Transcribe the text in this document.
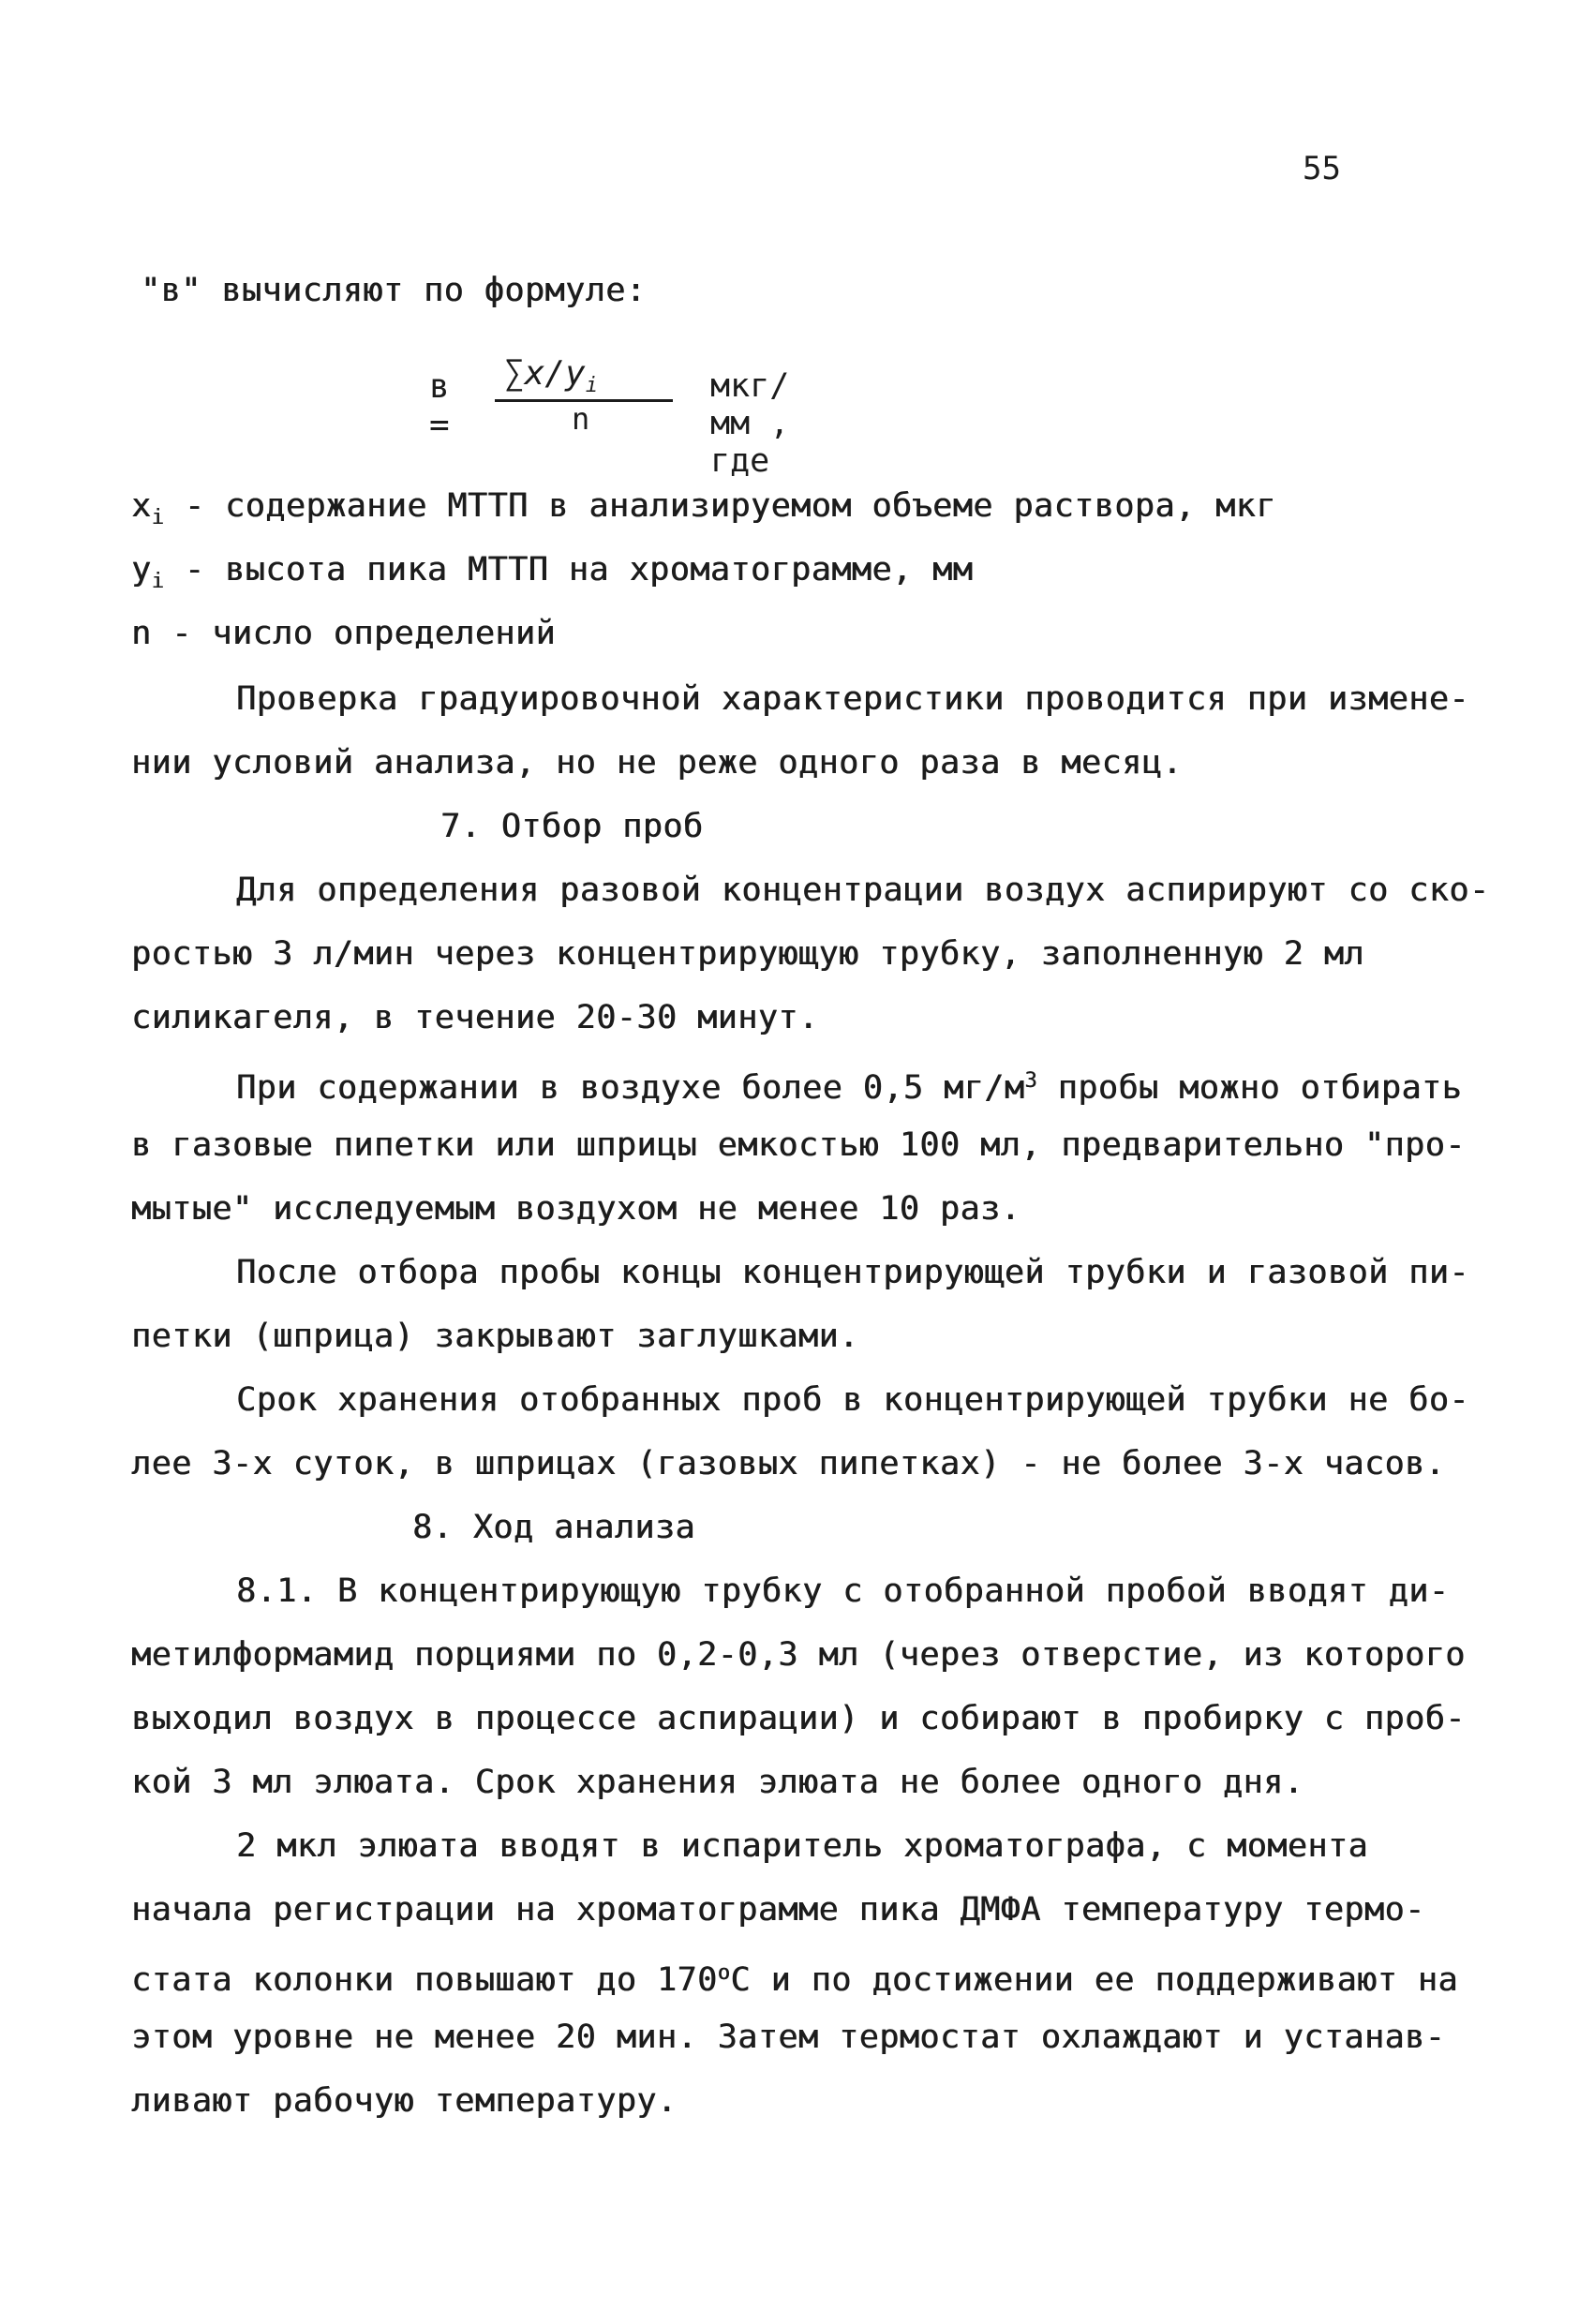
55
"в" вычисляют по формуле:
в =
$\sum x/y_i$
n
мкг/мм , где
$x_i$ - содержание МТТП в анализируемом объеме раствора, мкг
$y_i$ - высота пика МТТП на хроматограмме, мм
n - число определений
Проверка градуировочной характеристики проводится при измене-
нии условий анализа, но не реже одного раза в месяц.
7. Отбор проб
Для определения разовой концентрации воздух аспирируют со ско-
ростью 3 л/мин через концентрирующую трубку, заполненную 2 мл
силикагеля, в течение 20-30 минут.
При содержании в воздухе более 0,5 $мг/м^3$ пробы можно отбирать
в газовые пипетки или шприцы емкостью 100 мл, предварительно "про-
мытые" исследуемым воздухом не менее 10 раз.
После отбора пробы концы концентрирующей трубки и газовой пи-
петки (шприца) закрывают заглушками.
Срок хранения отобранных проб в концентрирующей трубки не бо-
лее 3-х суток, в шприцах (газовых пипетках) - не более 3-х часов.
8. Ход анализа
8.1. В концентрирующую трубку с отобранной пробой вводят ди-
метилформамид порциями по 0,2-0,3 мл (через отверстие, из которого
выходил воздух в процессе аспирации) и собирают в пробирку с проб-
кой 3 мл элюата. Срок хранения элюата не более одного дня.
2 мкл элюата вводят в испаритель хроматографа, с момента
начала регистрации на хроматограмме пика ДМФА температуру термо-
стата колонки повышают до $170^оС$ и по достижении ее поддерживают на
этом уровне не менее 20 мин. Затем термостат охлаждают и устанав-
ливают рабочую температуру.
